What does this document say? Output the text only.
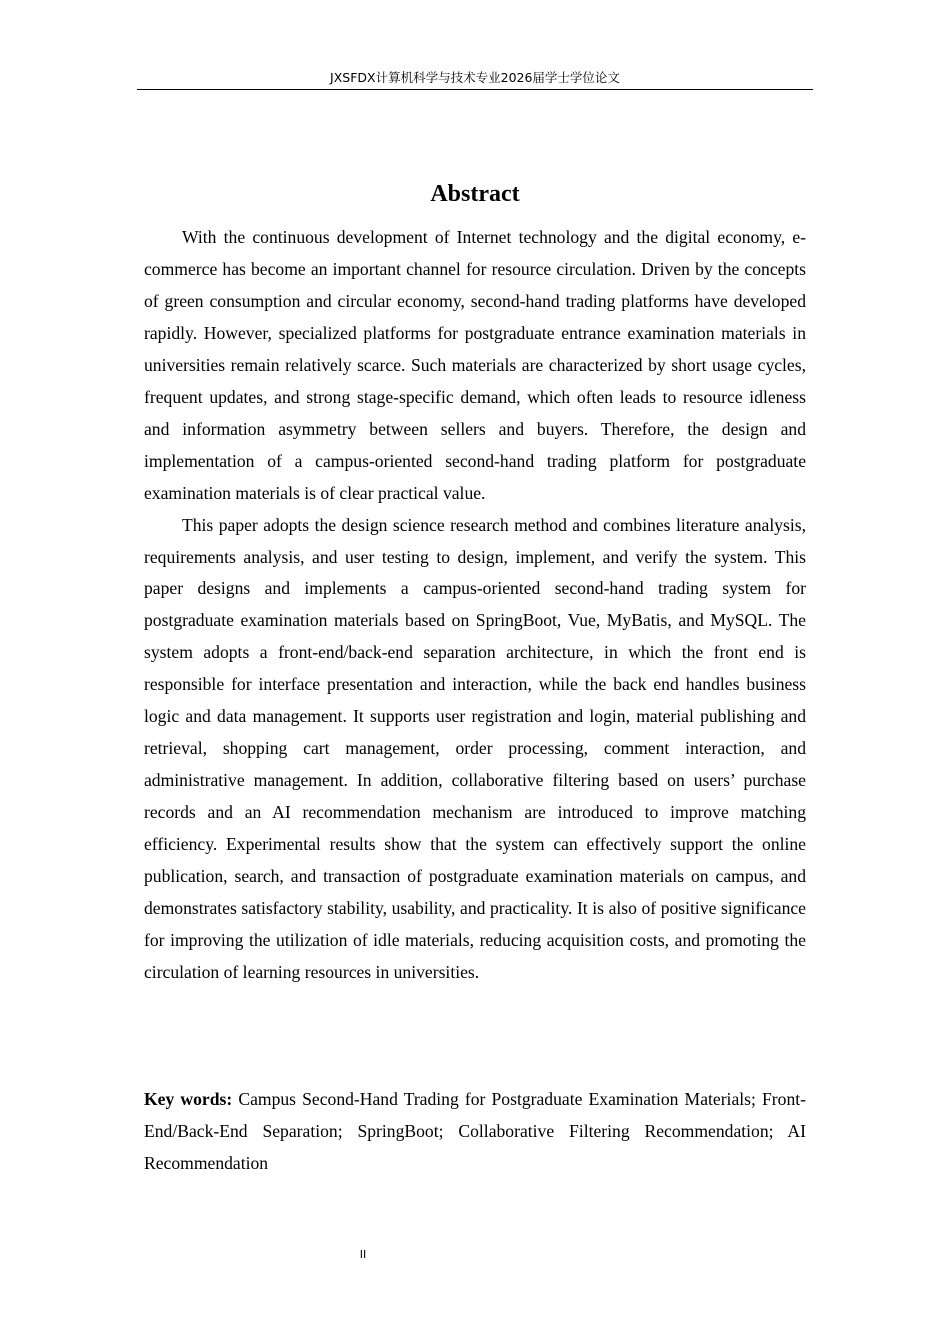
JXSFDX计算机科学与技术专业2026届学士学位论文
Abstract

With the continuous development of Internet technology and the digital economy, e-commerce has become an important channel for resource circulation. Driven by the concepts of green consumption and circular economy, second-hand trading platforms have developed rapidly. However, specialized platforms for postgraduate entrance examination materials in universities remain relatively scarce. Such materials are characterized by short usage cycles, frequent updates, and strong stage-specific demand, which often leads to resource idleness and information asymmetry between sellers and buyers. Therefore, the design and implementation of a campus-oriented second-hand trading platform for postgraduate examination materials is of clear practical value.

This paper adopts the design science research method and combines literature analysis, requirements analysis, and user testing to design, implement, and verify the system. This paper designs and implements a campus-oriented second-hand trading system for postgraduate examination materials based on SpringBoot, Vue, MyBatis, and MySQL. The system adopts a front-end/back-end separation architecture, in which the front end is responsible for interface presentation and interaction, while the back end handles business logic and data management. It supports user registration and login, material publishing and retrieval, shopping cart management, order processing, comment interaction, and administrative management. In addition, collaborative filtering based on users’ purchase records and an AI recommendation mechanism are introduced to improve matching efficiency. Experimental results show that the system can effectively support the online publication, search, and transaction of postgraduate examination materials on campus, and demonstrates satisfactory stability, usability, and practicality. It is also of positive significance for improving the utilization of idle materials, reducing acquisition costs, and promoting the circulation of learning resources in universities.

Key words: Campus Second-Hand Trading for Postgraduate Examination Materials; Front-End/Back-End Separation; SpringBoot; Collaborative Filtering Recommendation; AI Recommendation

II
